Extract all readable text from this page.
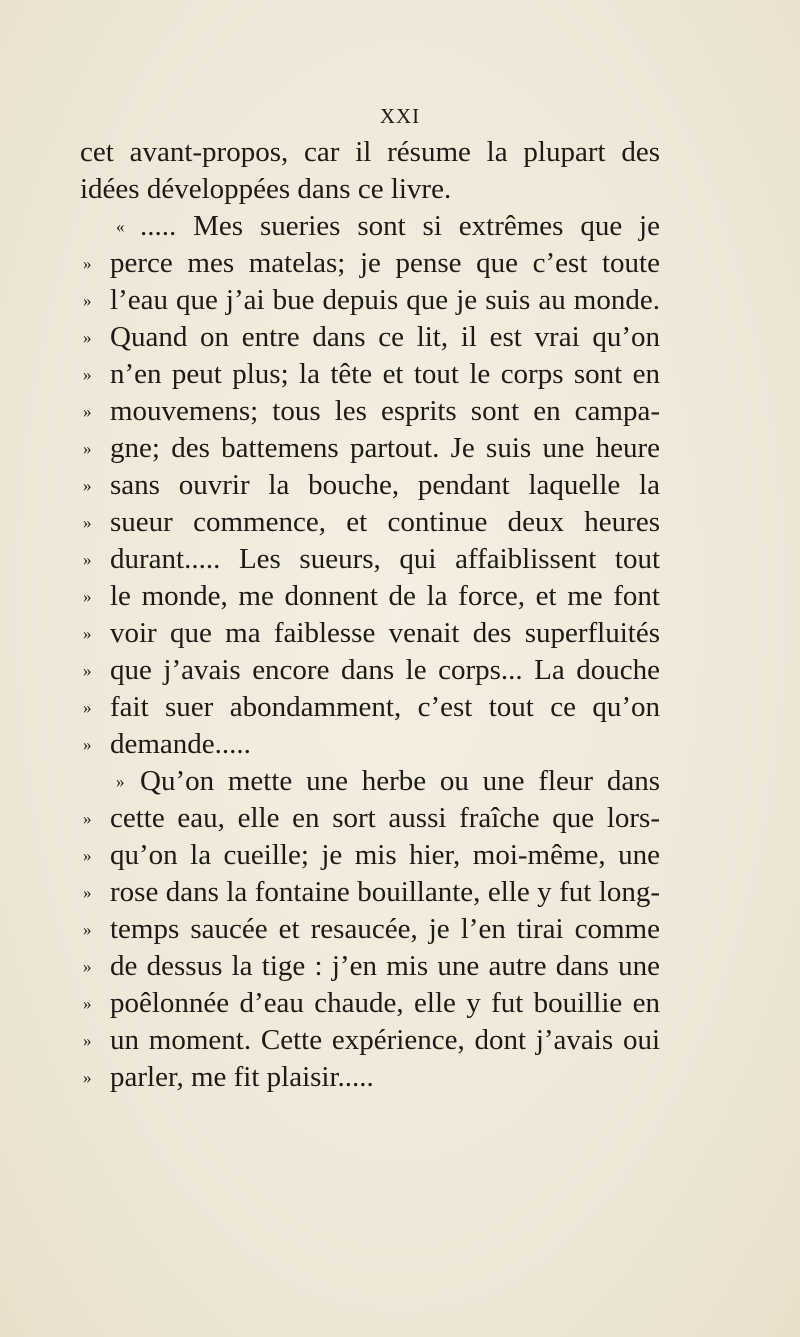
XXI
cet avant-propos, car il résume la plupart des
idées développées dans ce livre.
« ..... Mes sueries sont si extrêmes que je
» perce mes matelas; je pense que c’est toute
» l’eau que j’ai bue depuis que je suis au monde.
» Quand on entre dans ce lit, il est vrai qu’on
» n’en peut plus; la tête et tout le corps sont en
» mouvemens; tous les esprits sont en campa-
» gne; des battemens partout. Je suis une heure
» sans ouvrir la bouche, pendant laquelle la
» sueur commence, et continue deux heures
» durant..... Les sueurs, qui affaiblissent tout
» le monde, me donnent de la force, et me font
» voir que ma faiblesse venait des superfluités
» que j’avais encore dans le corps... La douche
» fait suer abondamment, c’est tout ce qu’on
» demande.....
» Qu’on mette une herbe ou une fleur dans
» cette eau, elle en sort aussi fraîche que lors-
» qu’on la cueille; je mis hier, moi-même, une
» rose dans la fontaine bouillante, elle y fut long-
» temps saucée et resaucée, je l’en tirai comme
» de dessus la tige : j’en mis une autre dans une
» poêlonnée d’eau chaude, elle y fut bouillie en
» un moment. Cette expérience, dont j’avais oui
» parler, me fit plaisir.....
